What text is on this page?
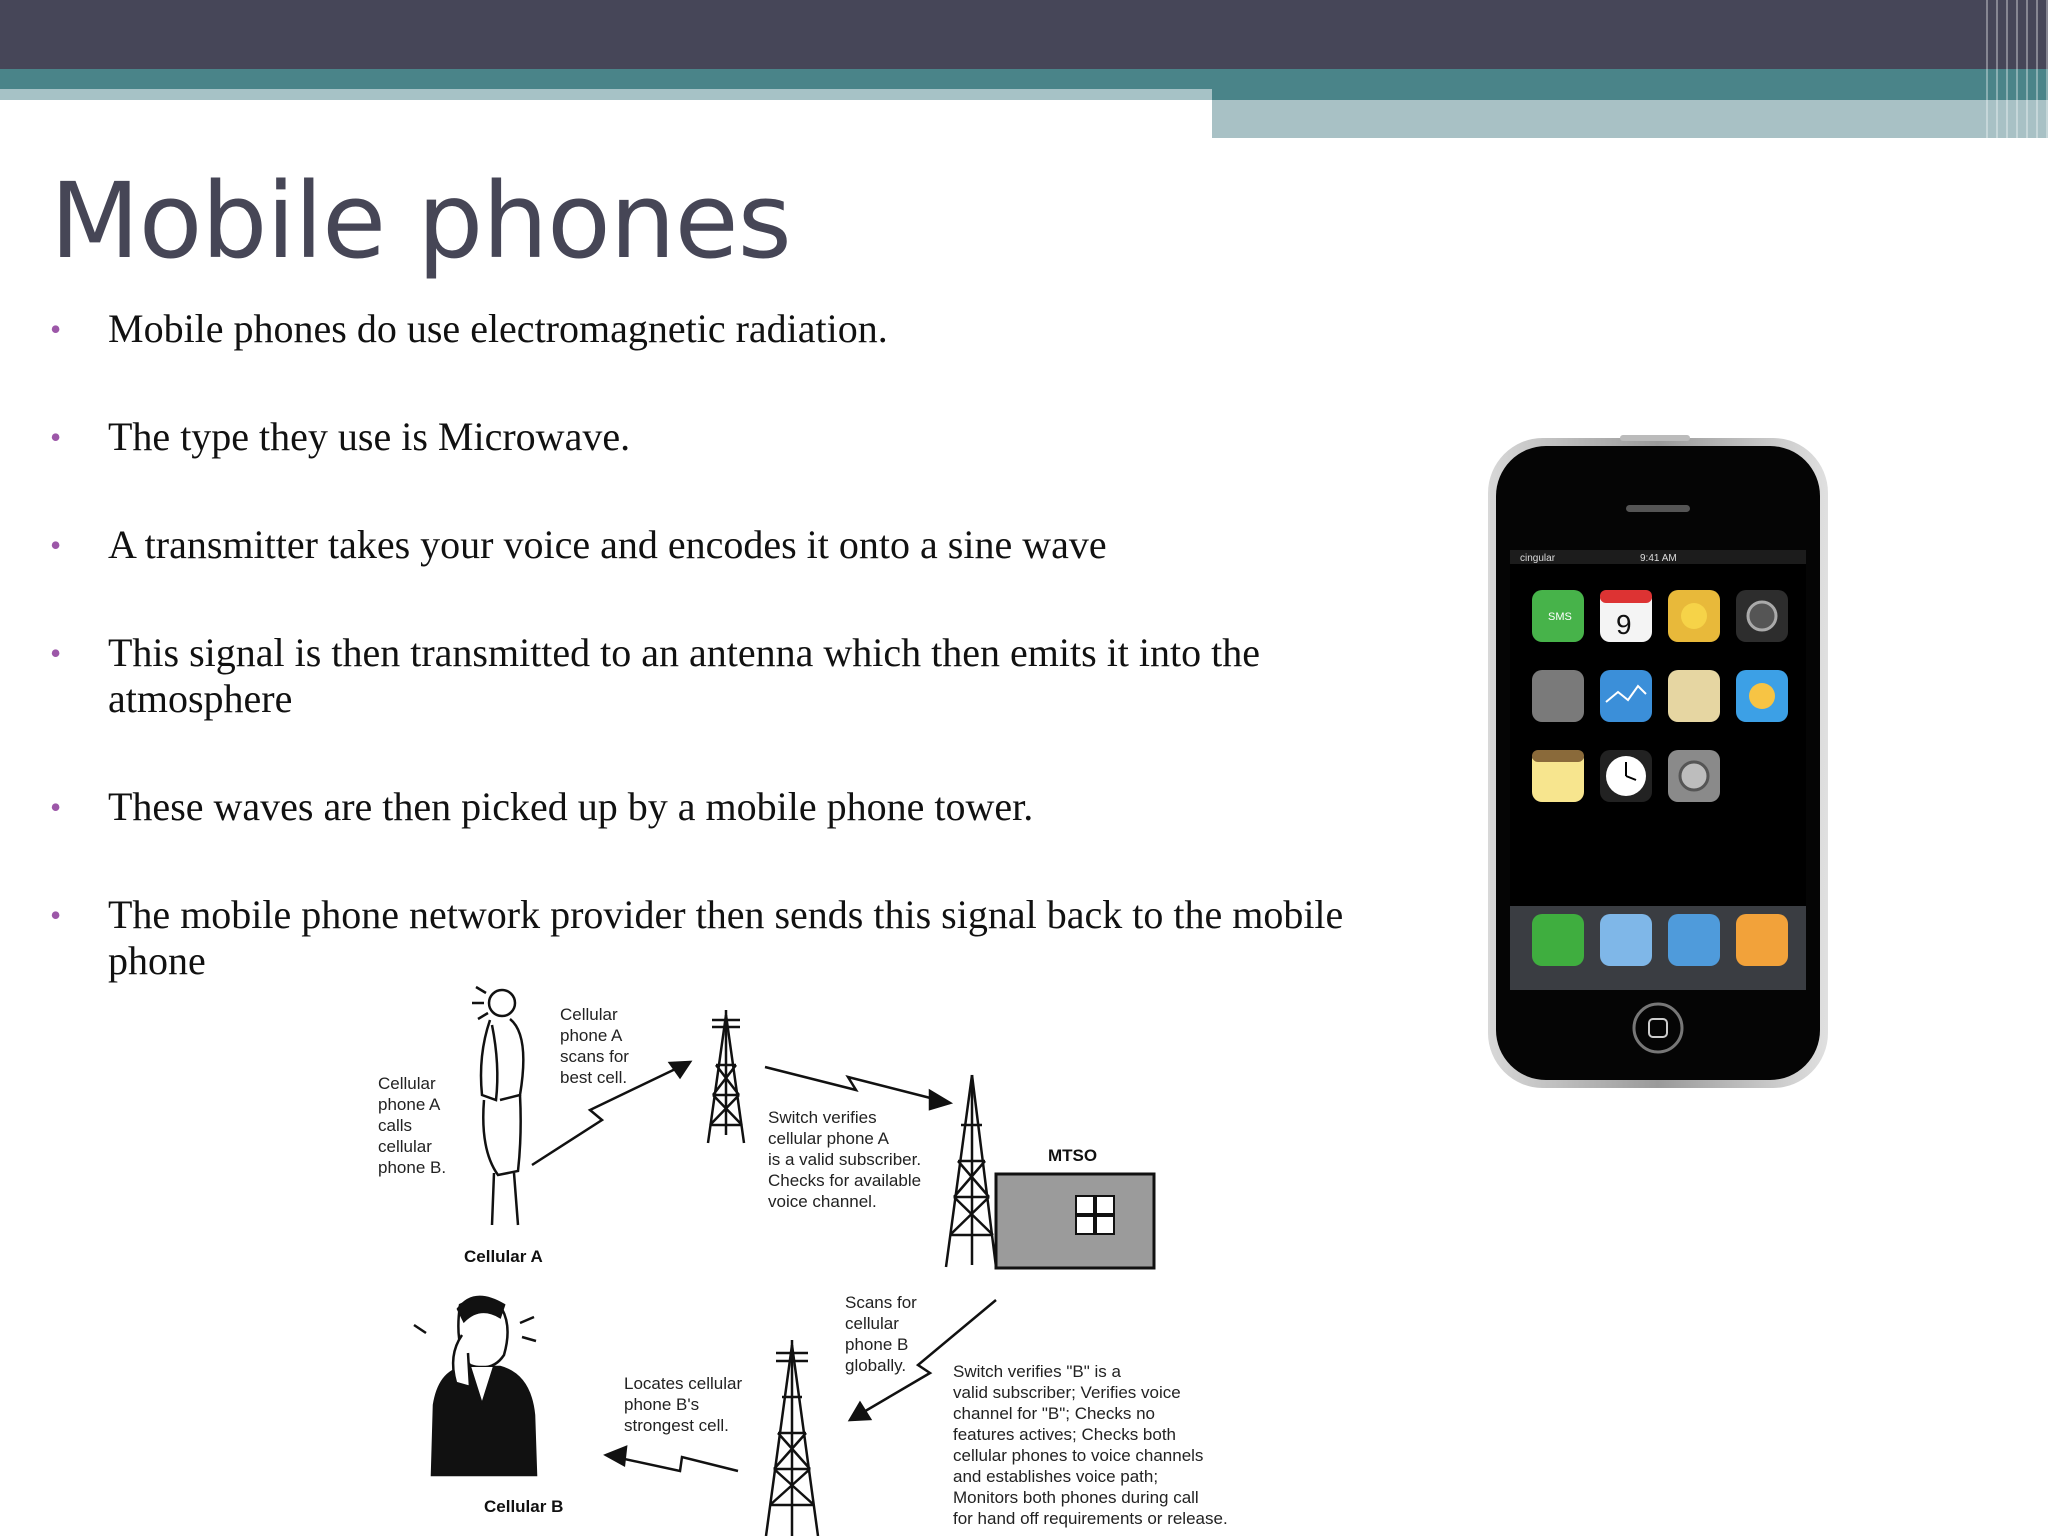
Mobile phones
• Mobile phones do use electromagnetic radiation.
• The type they use is Microwave.
• A transmitter takes your voice and encodes it onto a sine wave
• This signal is then transmitted to an antenna which then emits it into the atmosphere
• These waves are then picked up by a mobile phone tower.
• The mobile phone network provider then sends this signal back to the mobile phone
cingular	9:41 AM
SMS 9
Cellular A
Cellular
phone A
calls
cellular
phone B.
Cellular
phone A
scans for
best cell.
Switch verifies
cellular phone A
is a valid subscriber.
Checks for available
voice channel.
MTSO
Scans for
cellular
phone B
globally.	Switch verifies "B" is a
valid subscriber; Verifies voice
channel for "B"; Checks no
features actives; Checks both
cellular phones to voice channels
and establishes voice path;
Monitors both phones during call
for hand off requirements or release.
Locates cellular
phone B's
strongest cell.
Cellular B
